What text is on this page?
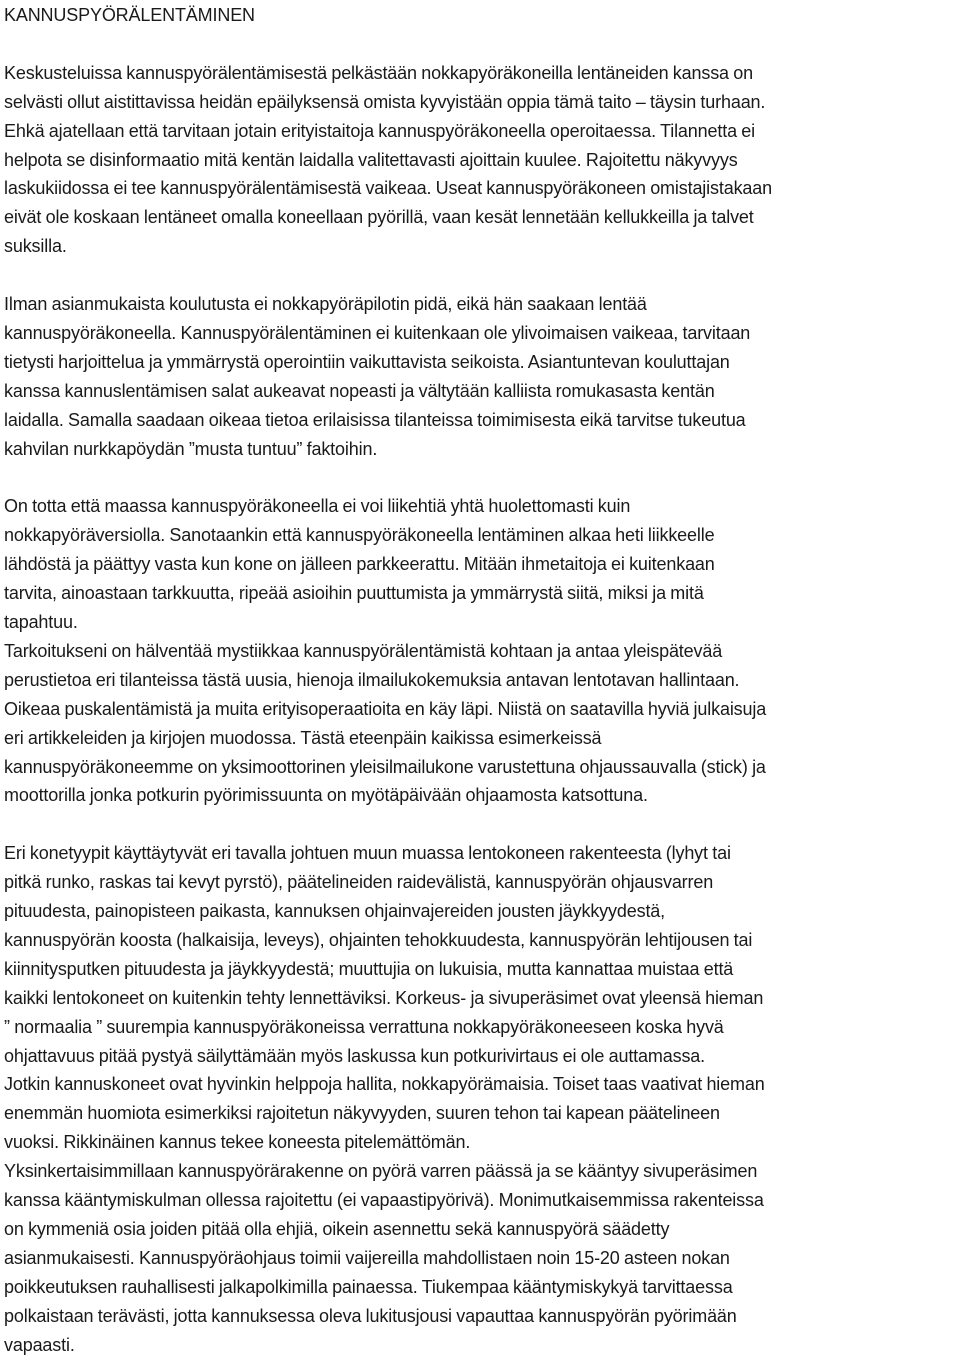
KANNUSPYÖRÄLENTÄMINEN
Keskusteluissa kannuspyörälentämisestä pelkästään nokkapyöräkoneilla lentäneiden kanssa on
selvästi ollut aistittavissa heidän epäilyksensä omista kyvyistään oppia tämä taito – täysin turhaan.
Ehkä ajatellaan että tarvitaan jotain erityistaitoja kannuspyöräkoneella operoitaessa. Tilannetta ei
helpota se disinformaatio mitä kentän laidalla valitettavasti ajoittain kuulee. Rajoitettu näkyvyys
laskukiidossa ei tee kannuspyörälentämisestä vaikeaa. Useat kannuspyöräkoneen omistajistakaan
eivät ole koskaan lentäneet omalla koneellaan pyörillä, vaan kesät lennetään kellukkeilla ja talvet
suksilla.
Ilman asianmukaista koulutusta ei nokkapyöräpilotin pidä, eikä hän saakaan lentää
kannuspyöräkoneella. Kannuspyörälentäminen ei kuitenkaan ole ylivoimaisen vaikeaa, tarvitaan
tietysti harjoittelua ja ymmärrystä operointiin vaikuttavista seikoista. Asiantuntevan kouluttajan
kanssa kannuslentämisen salat aukeavat nopeasti ja vältytään kalliista romukasasta kentän
laidalla. Samalla saadaan oikeaa tietoa erilaisissa tilanteissa toimimisesta eikä tarvitse tukeutua
kahvilan nurkkapöydän ”musta tuntuu” faktoihin.
On totta että maassa kannuspyöräkoneella ei voi liikehtiä yhtä huolettomasti kuin
nokkapyöräversiolla. Sanotaankin että kannuspyöräkoneella lentäminen alkaa heti liikkeelle
lähdöstä ja päättyy vasta kun kone on jälleen parkkeerattu. Mitään ihmetaitoja ei kuitenkaan
tarvita, ainoastaan tarkkuutta, ripeää asioihin puuttumista ja ymmärrystä siitä, miksi ja mitä
tapahtuu.
Tarkoitukseni on hälventää mystiikkaa kannuspyörälentämistä kohtaan ja antaa yleispätevää
perustietoa eri tilanteissa tästä uusia, hienoja ilmailukokemuksia antavan lentotavan hallintaan.
Oikeaa puskalentämistä ja muita erityisoperaatioita en käy läpi. Niistä on saatavilla hyviä julkaisuja
eri artikkeleiden ja kirjojen muodossa. Tästä eteenpäin kaikissa esimerkeissä
kannuspyöräkoneemme on yksimoottorinen yleisilmailukone varustettuna ohjaussauvalla (stick) ja
moottorilla jonka potkurin pyörimissuunta on myötäpäivään ohjaamosta katsottuna.
Eri konetyypit käyttäytyvät eri tavalla johtuen muun muassa lentokoneen rakenteesta (lyhyt tai
pitkä runko, raskas tai kevyt pyrstö), päätelineiden raidevälistä, kannuspyörän ohjausvarren
pituudesta, painopisteen paikasta, kannuksen ohjainvajereiden jousten jäykkyydestä,
kannuspyörän koosta (halkaisija, leveys), ohjainten tehokkuudesta, kannuspyörän lehtijousen tai
kiinnitysputken pituudesta ja jäykkyydestä; muuttujia on lukuisia, mutta kannattaa muistaa että
kaikki lentokoneet on kuitenkin tehty lennettäviksi. Korkeus- ja sivuperäsimet ovat yleensä hieman
” normaalia ” suurempia kannuspyöräkoneissa verrattuna nokkapyöräkoneeseen koska hyvä
ohjattavuus pitää pystyä säilyttämään myös laskussa kun potkurivirtaus ei ole auttamassa.
Jotkin kannuskoneet ovat hyvinkin helppoja hallita, nokkapyörämaisia. Toiset taas vaativat hieman
enemmän huomiota esimerkiksi rajoitetun näkyvyyden, suuren tehon tai kapean päätelineen
vuoksi. Rikkinäinen kannus tekee koneesta pitelemättömän.
Yksinkertaisimmillaan kannuspyörärakenne on pyörä varren päässä ja se kääntyy sivuperäsimen
kanssa kääntymiskulman ollessa rajoitettu (ei vapaastipyörivä). Monimutkaisemmissa rakenteissa
on kymmeniä osia joiden pitää olla ehjiä, oikein asennettu sekä kannuspyörä säädetty
asianmukaisesti. Kannuspyöräohjaus toimii vaijereilla mahdollistaen noin 15-20 asteen nokan
poikkeutuksen rauhallisesti jalkapolkimilla painaessa. Tiukempaa kääntymiskykyä tarvittaessa
polkaistaan terävästi, jotta kannuksessa oleva lukitusjousi vapauttaa kannuspyörän pyörimään
vapaasti.
